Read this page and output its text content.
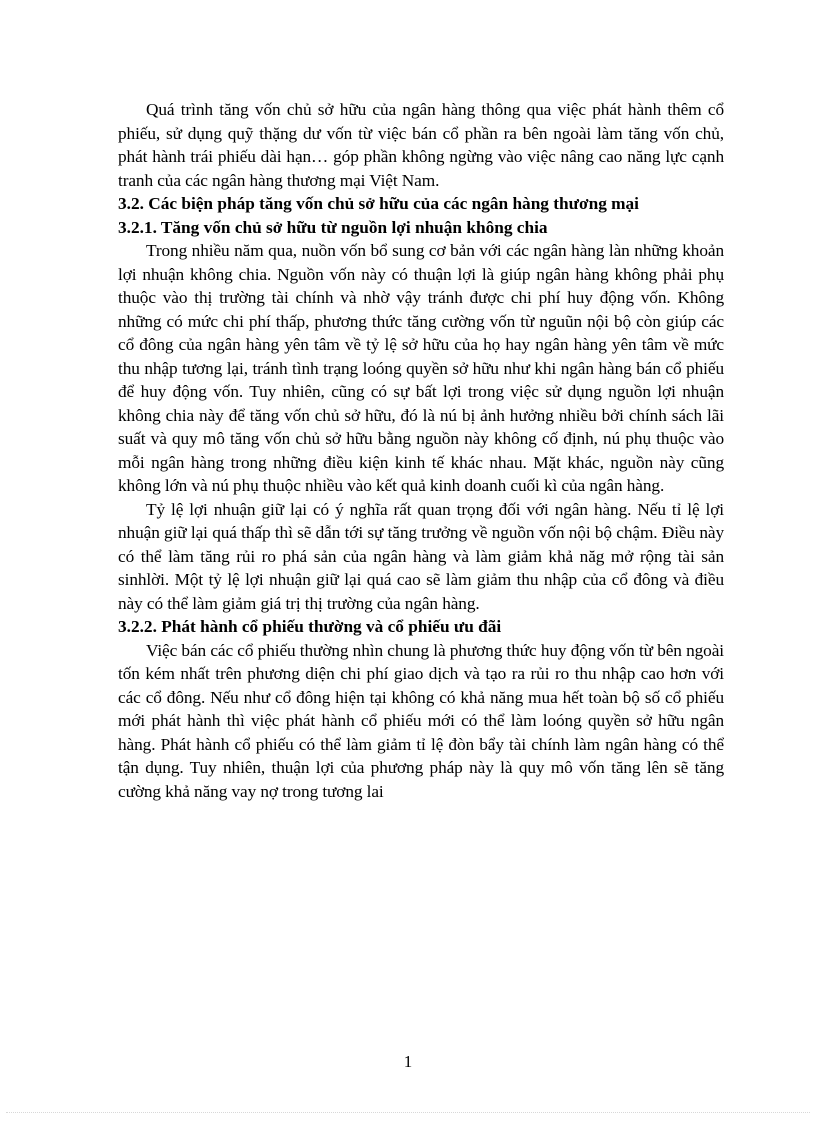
Quá trình tăng vốn chủ sở hữu của ngân hàng thông qua việc phát hành thêm cổ phiếu, sử dụng quỹ thặng dư vốn từ việc bán cổ phần ra bên ngoài làm tăng vốn chủ, phát hành trái phiếu dài hạn… góp phần không ngừng vào việc nâng cao năng lực cạnh tranh của các ngân hàng thương mại Việt Nam.

3.2. Các biện pháp tăng vốn chủ sở hữu của các ngân hàng thương mại
3.2.1. Tăng vốn chủ sở hữu từ nguồn lợi nhuận không chia

Trong nhiều năm qua, nuồn vốn bổ sung cơ bản với các ngân hàng làn những khoản lợi nhuận không chia. Nguồn vốn này có thuận lợi là giúp ngân hàng không phải phụ thuộc vào thị trường tài chính và nhờ vậy tránh được chi phí huy động vốn. Không những có mức chi phí thấp, phương thức tăng cường vốn từ nguũn nội bộ còn giúp các cổ đông của ngân hàng yên tâm về tỷ lệ sở hữu của họ hay ngân hàng yên tâm về mức thu nhập tương lại, tránh tình trạng loóng quyền sở hữu như khi ngân hàng bán cổ phiếu để huy động vốn. Tuy nhiên, cũng có sự bất lợi trong việc sử dụng nguồn lợi nhuận không chia này để tăng vốn chủ sở hữu, đó là nú bị ảnh hưởng nhiều bởi chính sách lãi suất và quy mô tăng vốn chủ sở hữu bằng nguồn này không cố định, nú phụ thuộc vào mỗi ngân hàng trong những điều kiện kinh tế khác nhau. Mặt khác, nguồn này cũng không lớn và nú phụ thuộc nhiều vào kết quả kinh doanh cuối kì của ngân hàng.

Tỷ lệ lợi nhuận giữ lại có ý nghĩa rất quan trọng đối với ngân hàng. Nếu tỉ lệ lợi nhuận giữ lại quá thấp thì sẽ dẫn tới sự tăng trưởng về nguồn vốn nội bộ chậm. Điều này có thể làm tăng rủi ro phá sản của ngân hàng và làm giảm khả năg mở rộng tài sản sinhlời. Một tỷ lệ lợi nhuận giữ lại quá cao sẽ làm giảm thu nhập của cổ đông và điều này có thể làm giảm giá trị thị trường của ngân hàng.

3.2.2. Phát hành cổ phiếu thường và cổ phiếu ưu đãi

Việc bán các cổ phiếu thường nhìn chung là phương thức huy động vốn từ bên ngoài tốn kém nhất trên phương diện chi phí giao dịch và tạo ra rủi ro thu nhập cao hơn với các cổ đông. Nếu như cổ đông hiện tại không có khả năng mua hết toàn bộ số cổ phiếu mới phát hành thì việc phát hành cổ phiếu mới có thể làm loóng quyền sở hữu ngân hàng. Phát hành cổ phiếu có thể làm giảm tỉ lệ đòn bẩy tài chính làm ngân hàng có thể tận dụng. Tuy nhiên, thuận lợi của phương pháp này là quy mô vốn tăng lên sẽ tăng cường khả năng vay nợ trong tương lai

1
